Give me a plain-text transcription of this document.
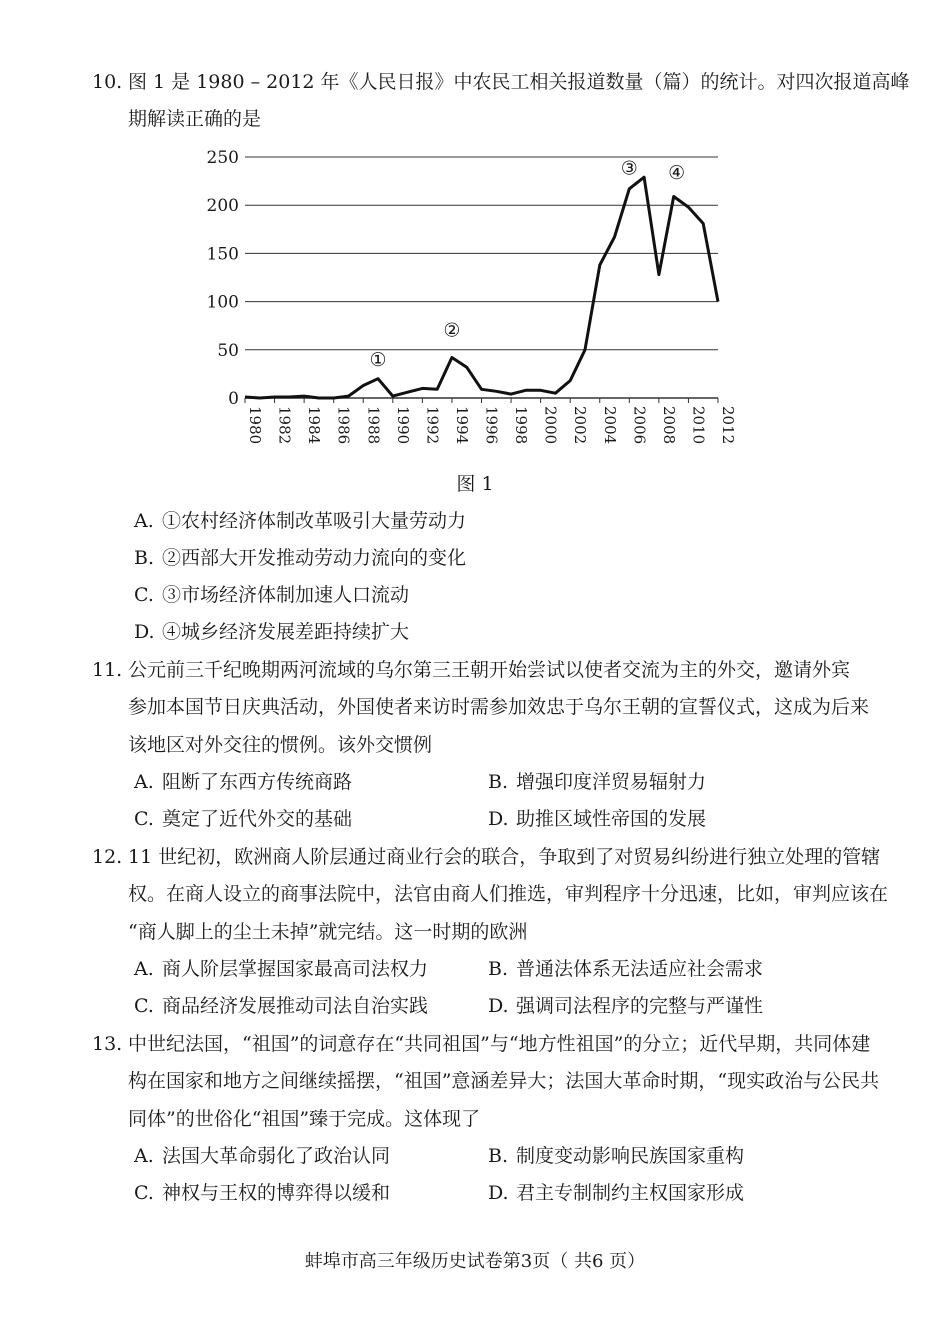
10. 图 1 是 1980 – 2012 年《人民日报》中农民工相关报道数量（篇）的统计。对四次报道高峰
期解读正确的是
0
50
100
150
200
250
1980 1982 1984 1986 1988 1990 1992 1994 1996 1998 2000 2002 2004 2006 2008 2010 2012
①
②
③ ④
图 1
A. ①农村经济体制改革吸引大量劳动力
B. ②西部大开发推动劳动力流向的变化
C. ③市场经济体制加速人口流动
D. ④城乡经济发展差距持续扩大
11. 公元前三千纪晚期两河流域的乌尔第三王朝开始尝试以使者交流为主的外交，邀请外宾
参加本国节日庆典活动，外国使者来访时需参加效忠于乌尔王朝的宣誓仪式，这成为后来
该地区对外交往的惯例。该外交惯例
A. 阻断了东西方传统商路	B. 增强印度洋贸易辐射力
C. 奠定了近代外交的基础	D. 助推区域性帝国的发展
12. 11 世纪初，欧洲商人阶层通过商业行会的联合，争取到了对贸易纠纷进行独立处理的管辖
权。在商人设立的商事法院中，法官由商人们推选，审判程序十分迅速，比如，审判应该在
“商人脚上的尘土未掉”就完结。这一时期的欧洲
A. 商人阶层掌握国家最高司法权力	B. 普通法体系无法适应社会需求
C. 商品经济发展推动司法自治实践	D. 强调司法程序的完整与严谨性
13. 中世纪法国，“祖国”的词意存在“共同祖国”与“地方性祖国”的分立；近代早期，共同体建
构在国家和地方之间继续摇摆，“祖国”意涵差异大；法国大革命时期，“现实政治与公民共
同体”的世俗化“祖国”臻于完成。这体现了
A. 法国大革命弱化了政治认同	B. 制度变动影响民族国家重构
C. 神权与王权的博弈得以缓和	D. 君主专制制约主权国家形成
蚌埠市高三年级历史试卷第3页（ 共6 页）
